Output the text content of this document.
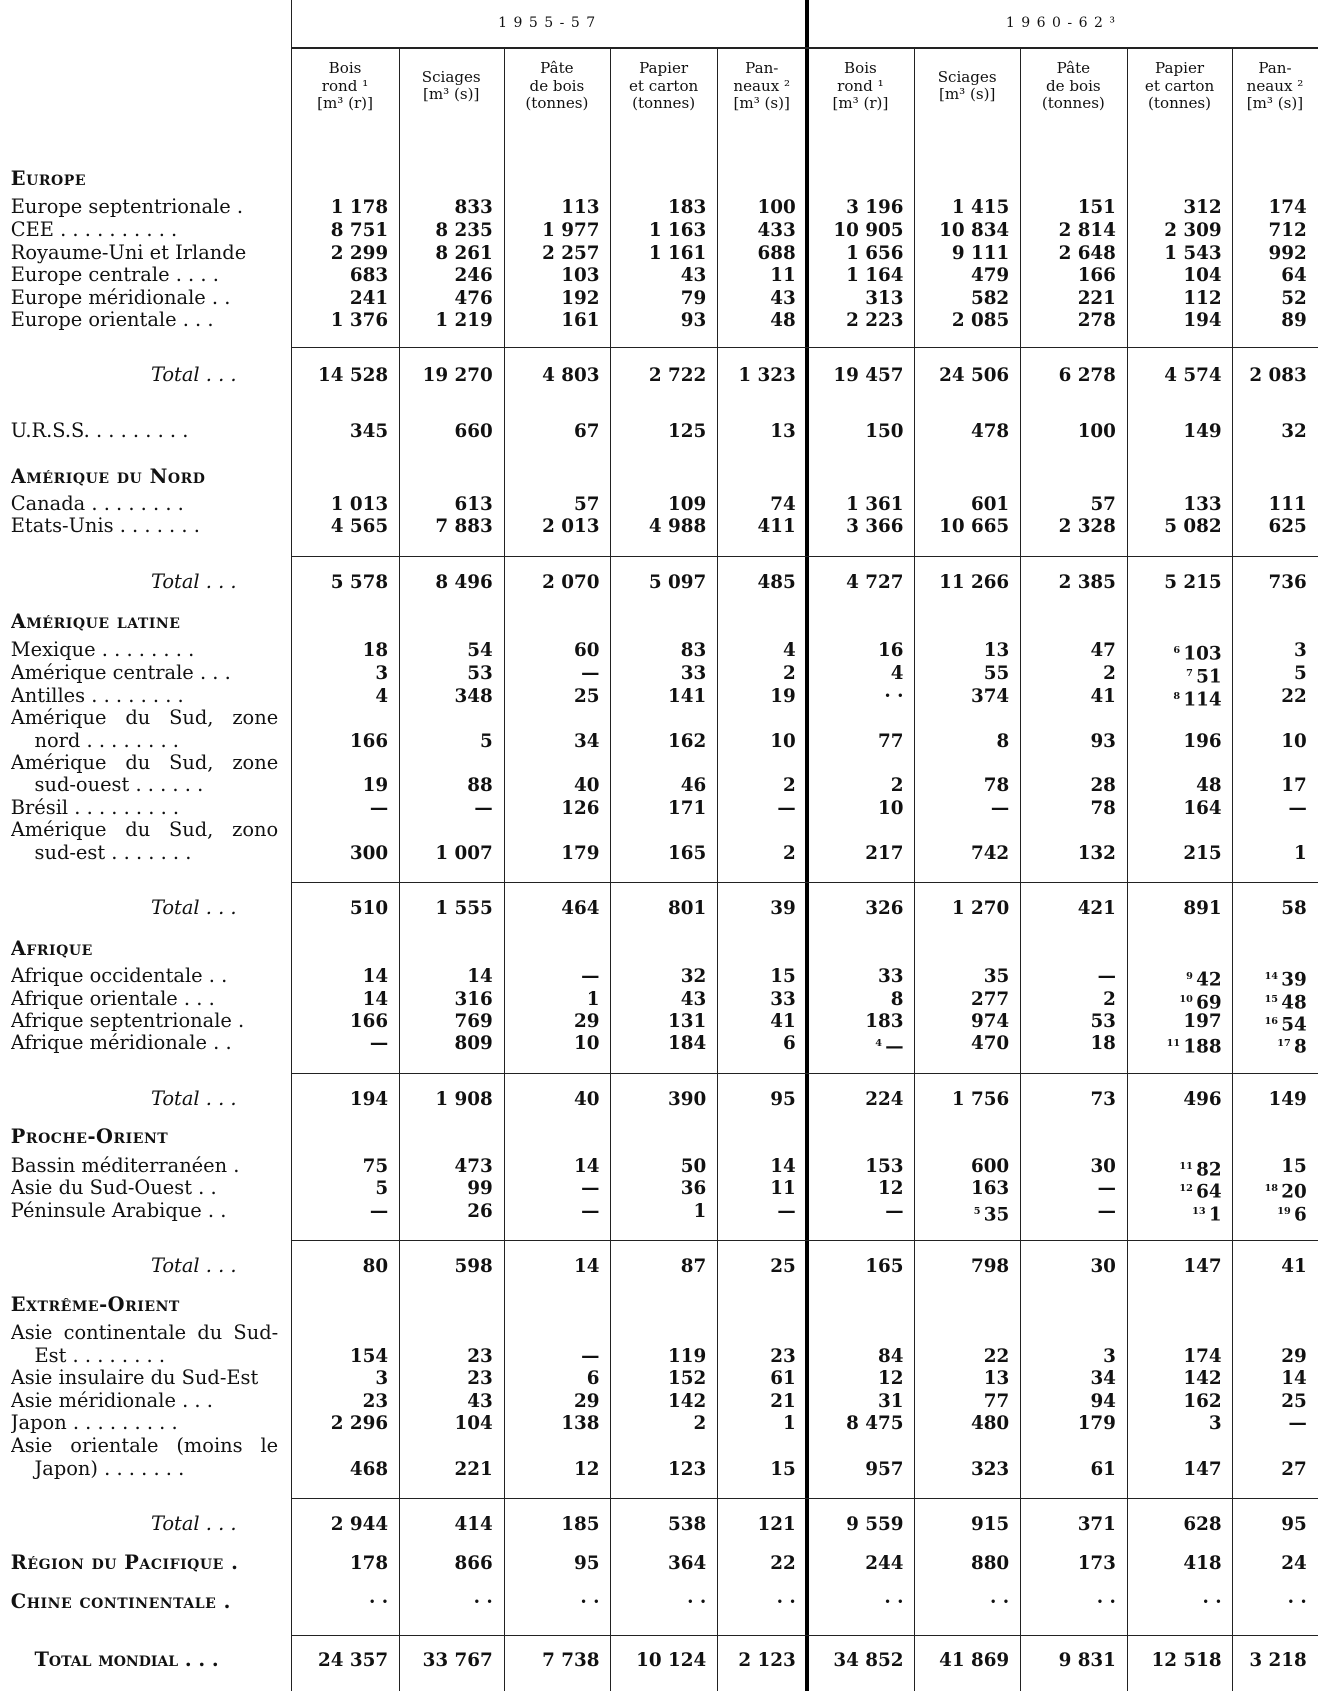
1955-57	1960-62³
Bois
rond ¹
[m³ (r)]
Sciages
[m³ (s)]
Pâte
de bois
(tonnes)
Papier
et carton
(tonnes)
Pan-
neaux ²
[m³ (s)]
Bois
rond ¹
[m³ (r)]
Sciages
[m³ (s)]
Pâte
de bois
(tonnes)
Papier
et carton
(tonnes)
Pan-
neaux ²
[m³ (s)]
Europe
Europe septentrionale .	1 178	833	113	183	100	3 196	1 415	151	312	174
CEE . . . . . . . . . .	8 751	8 235	1 977	1 163	433	10 905	10 834	2 814	2 309	712
Royaume-Uni et Irlande	2 299	8 261	2 257	1 161	688	1 656	9 111	2 648	1 543	992
Europe centrale . . . .	683	246	103	43	11	1 164	479	166	104	64
Europe méridionale . .	241	476	192	79	43	313	582	221	112	52
Europe orientale . . .	1 376	1 219	161	93	48	2 223	2 085	278	194	89
Total . . .	14 528	19 270	4 803	2 722	1 323	19 457	24 506	6 278	4 574	2 083
U.R.S.S. . . . . . . . .	345	660	67	125	13	150	478	100	149	32
Amérique du Nord
Canada . . . . . . . .	1 013	613	57	109	74	1 361	601	57	133	111
Etats-Unis . . . . . . .	4 565	7 883	2 013	4 988	411	3 366	10 665	2 328	5 082	625
Total . . .	5 578	8 496	2 070	5 097	485	4 727	11 266	2 385	5 215	736
Amérique latine
Mexique . . . . . . . .	18	54	60	83	4	16	13	47	$^6$ 103	3
Amérique centrale . . .	3	53	—	33	2	4	55	2	$^7$ 51	5
Antilles . . . . . . . .	4	348	25	141	19	· ·	374	41	$^8$ 114	22
Amérique du Sud, zone
nord . . . . . . . .	166	5	34	162	10	77	8	93	196	10
Amérique du Sud, zone
sud-ouest . . . . . .	19	88	40	46	2	2	78	28	48	17
Brésil . . . . . . . . .	—	—	126	171	—	10	—	78	164	—
Amérique du Sud, zono
sud-est . . . . . . .	300	1 007	179	165	2	217	742	132	215	1
Total . . .	510	1 555	464	801	39	326	1 270	421	891	58
Afrique
Afrique occidentale . .	14	14	—	32	15	33	35	—	$^9$ 42	$^{14}$ 39
Afrique orientale . . .	14	316	1	43	33	8	277	2	$^{10}$ 69	$^{15}$ 48
Afrique septentrionale .	166	769	29	131	41	183	974	53	197	$^{16}$ 54
Afrique méridionale . .	—	809	10	184	6	$^4$ —	470	18	$^{11}$ 188	$^{17}$ 8
Total . . .	194	1 908	40	390	95	224	1 756	73	496	149
Proche-Orient
Bassin méditerranéen .	75	473	14	50	14	153	600	30	$^{11}$ 82	15
Asie du Sud-Ouest . .	5	99	—	36	11	12	163	—	$^{12}$ 64	$^{18}$ 20
Péninsule Arabique . .	—	26	—	1	—	—	$^5$ 35	—	$^{13}$ 1	$^{19}$ 6
Total . . .	80	598	14	87	25	165	798	30	147	41
Extrême-Orient
Asie continentale du Sud-
Est . . . . . . . .	154	23	—	119	23	84	22	3	174	29
Asie insulaire du Sud-Est	3	23	6	152	61	12	13	34	142	14
Asie méridionale . . .	23	43	29	142	21	31	77	94	162	25
Japon . . . . . . . . .	2 296	104	138	2	1	8 475	480	179	3	—
Asie orientale (moins le
Japon) . . . . . . .	468	221	12	123	15	957	323	61	147	27
Total . . .	2 944	414	185	538	121	9 559	915	371	628	95
Région du Pacifique .	178	866	95	364	22	244	880	173	418	24
Chine continentale .	· ·	· ·	· ·	· ·	· ·	· ·	· ·	· ·	· ·	· ·
Total mondial . . .	24 357	33 767	7 738	10 124	2 123	34 852	41 869	9 831	12 518	3 218
